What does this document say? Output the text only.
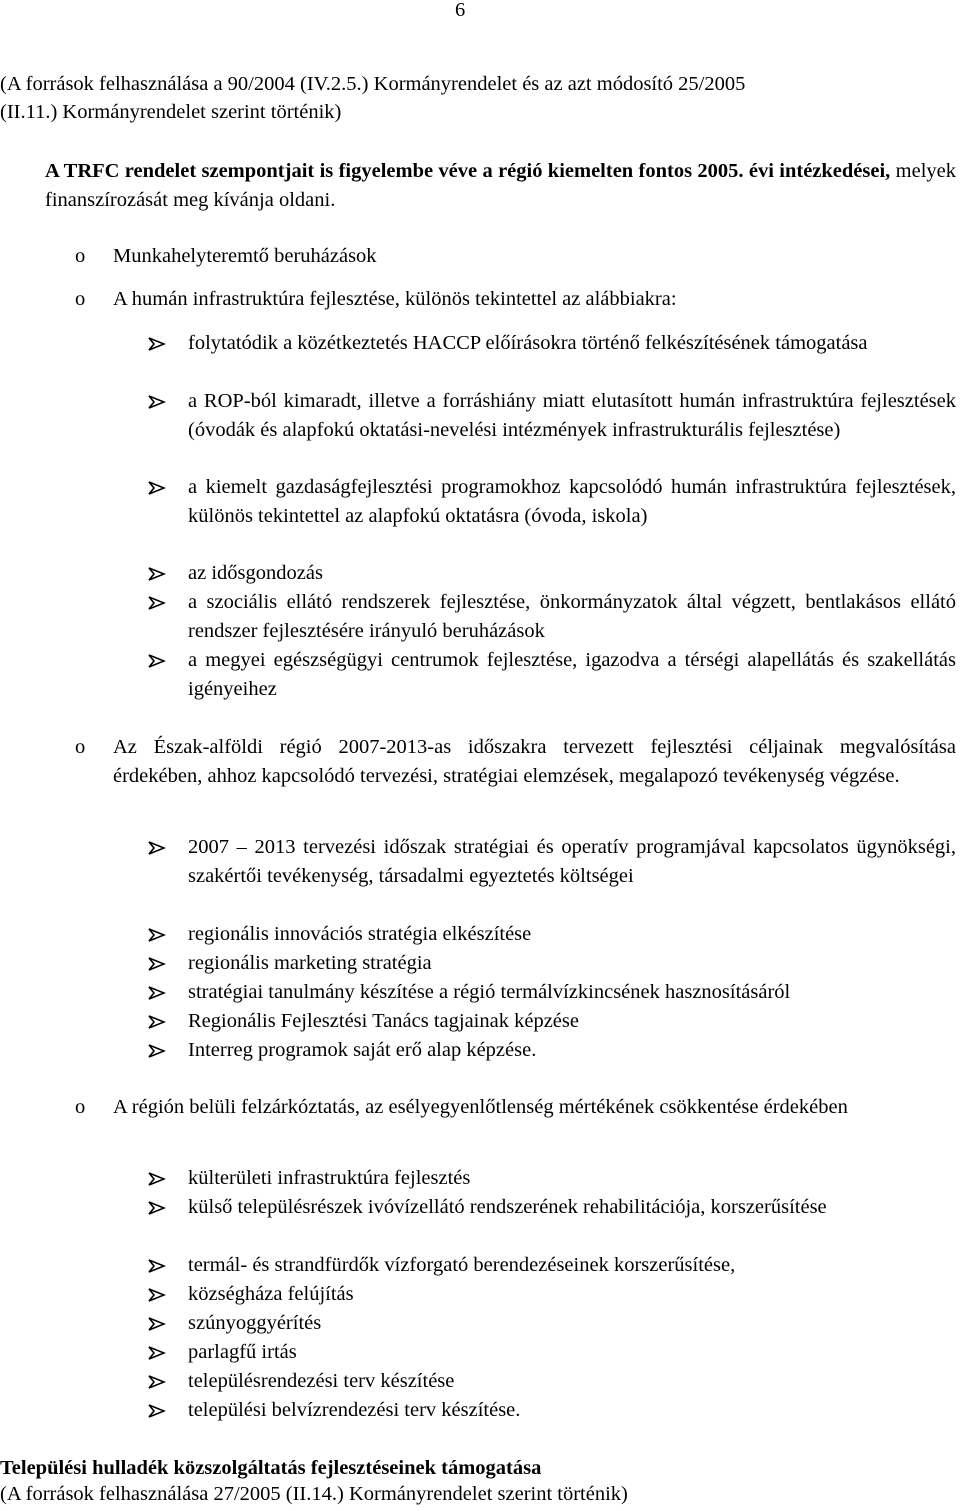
6
(A források felhasználása a 90/2004 (IV.2.5.) Kormányrendelet és az azt módosító 25/2005
(II.11.) Kormányrendelet szerint történik)
A TRFC rendelet szempontjait is figyelembe véve a régió kiemelten fontos 2005. évi intézkedései, melyek finanszírozását meg kívánja oldani.
o Munkahelyteremtő beruházások
o A humán infrastruktúra fejlesztése, különös tekintettel az alábbiakra:
folytatódik a közétkeztetés HACCP előírásokra történő felkészítésének támogatása
a ROP-ból kimaradt, illetve a forráshiány miatt elutasított humán infrastruktúra fejlesztések (óvodák és alapfokú oktatási-nevelési intézmények infrastrukturális fejlesztése)
a kiemelt gazdaságfejlesztési programokhoz kapcsolódó humán infrastruktúra fejlesztések, különös tekintettel az alapfokú oktatásra (óvoda, iskola)
az idősgondozás
a szociális ellátó rendszerek fejlesztése, önkormányzatok által végzett, bentlakásos ellátó rendszer fejlesztésére irányuló beruházások
a megyei egészségügyi centrumok fejlesztése, igazodva a térségi alapellátás és szakellátás igényeihez
o Az Észak-alföldi régió 2007-2013-as időszakra tervezett fejlesztési céljainak megvalósítása érdekében, ahhoz kapcsolódó tervezési, stratégiai elemzések, megalapozó tevékenység végzése.
2007 – 2013 tervezési időszak stratégiai és operatív programjával kapcsolatos ügynökségi, szakértői tevékenység, társadalmi egyeztetés költségei
regionális innovációs stratégia elkészítése
regionális marketing stratégia
stratégiai tanulmány készítése a régió termálvízkincsének hasznosításáról
Regionális Fejlesztési Tanács tagjainak képzése
Interreg programok saját erő alap képzése.
o A régión belüli felzárkóztatás, az esélyegyenlőtlenség mértékének csökkentése érdekében
külterületi infrastruktúra fejlesztés
külső településrészek ivóvízellátó rendszerének rehabilitációja, korszerűsítése
termál- és strandfürdők vízforgató berendezéseinek korszerűsítése,
községháza felújítás
szúnyoggyérítés
parlagfű irtás
településrendezési terv készítése
települési belvízrendezési terv készítése.
Települési hulladék közszolgáltatás fejlesztéseinek támogatása
(A források felhasználása 27/2005 (II.14.) Kormányrendelet szerint történik)
